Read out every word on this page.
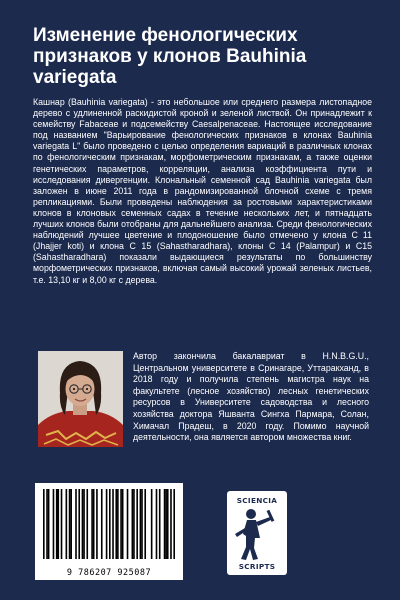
Изменение фенологических признаков у клонов Bauhinia variegata

Кашнар (Bauhinia variegata) - это небольшое или среднего размера листопадное дерево с удлиненной раскидистой кроной и зеленой листвой. Он принадлежит к семейству Fabaceae и подсемейству Caesalpenaceae. Настоящее исследование под названием "Варьирование фенологических признаков в клонах Bauhinia variegata L" было проведено с целью определения вариаций в различных клонах по фенологическим признакам, морфометрическим признакам, а также оценки генетических параметров, корреляции, анализа коэффициента пути и исследования дивергенции. Клональный семенной сад Bauhinia variegata был заложен в июне 2011 года в рандомизированной блочной схеме с тремя репликациями. Были проведены наблюдения за ростовыми характеристиками клонов в клоновых семенных садах в течение нескольких лет, и пятнадцать лучших клонов были отобраны для дальнейшего анализа. Среди фенологических наблюдений лучшее цветение и плодоношение было отмечено у клона C 11 (Jhajjer koti) и клона C 15 (Sahastharadhara), клоны C 14 (Palampur) и C15 (Sahastharadhara) показали выдающиеся результаты по большинству морфометрических признаков, включая самый высокий урожай зеленых листьев, т.е. 13,10 кг и 8,00 кг с дерева.

Автор закончила бакалавриат в H.N.B.G.U., Центральном университете в Сринагаре, Уттаракханд, в 2018 году и получила степень магистра наук на факультете (лесное хозяйство) лесных генетических ресурсов в Университете садоводства и лесного хозяйства доктора Яшванта Сингха Пармара, Солан, Химачал Прадеш, в 2020 году. Помимо научной деятельности, она является автором множества книг.

9 786207 925087
SCIENCIA
SCRIPTS
